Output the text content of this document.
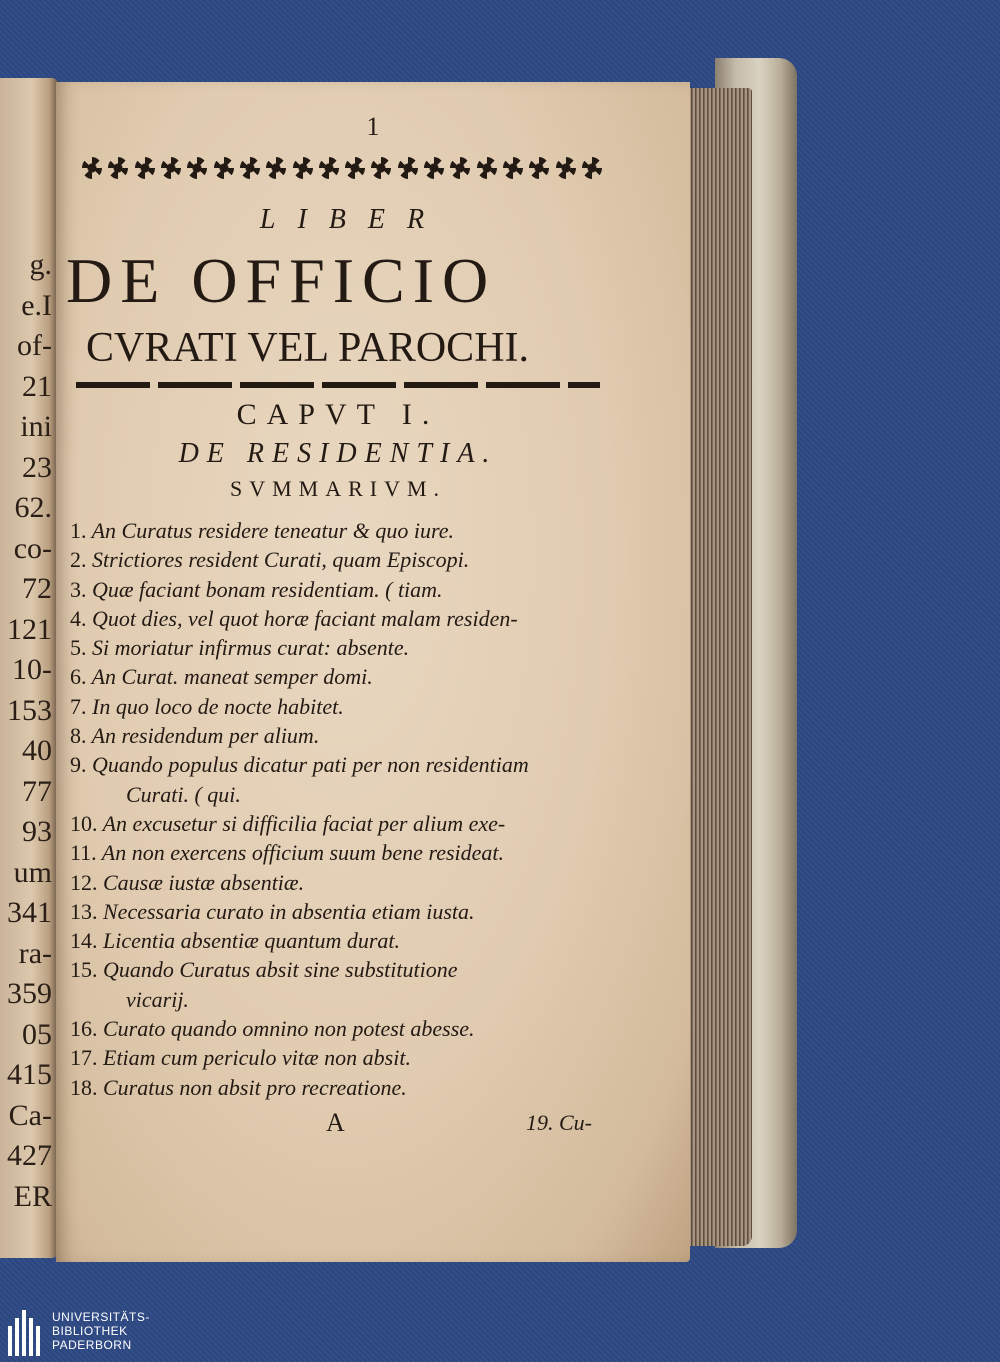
g.
e.I
of-
21
ini
23
62.
co-
72
121
10-
153
40
77
93
um
341
ra-
359
05
415
Ca-
427
ER
1
LIBER
DE OFFICIO
CVRATI VEL PAROCHI.
CAPVT I.
DE RESIDENTIA.
SVMMARIVM.
1. An Curatus residere teneatur & quo iure.
2. Strictiores resident Curati, quam Episcopi.
3. Quæ faciant bonam residentiam. ( tiam.
4. Quot dies, vel quot horæ faciant malam residen-
5. Si moriatur infirmus curat: absente.
6. An Curat. maneat semper domi.
7. In quo loco de nocte habitet.
8. An residendum per alium.
9. Quando populus dicatur pati per non residentiam
Curati. ( qui.
10. An excusetur si difficilia faciat per alium exe-
11. An non exercens officium suum bene resideat.
12. Causæ iustæ absentiæ.
13. Necessaria curato in absentia etiam iusta.
14. Licentia absentiæ quantum durat.
15. Quando Curatus absit sine substitutione
vicarij.
16. Curato quando omnino non potest abesse.
17. Etiam cum periculo vitæ non absit.
18. Curatus non absit pro recreatione.
A	19. Cu-
UNIVERSITÄTS-
BIBLIOTHEK
PADERBORN
